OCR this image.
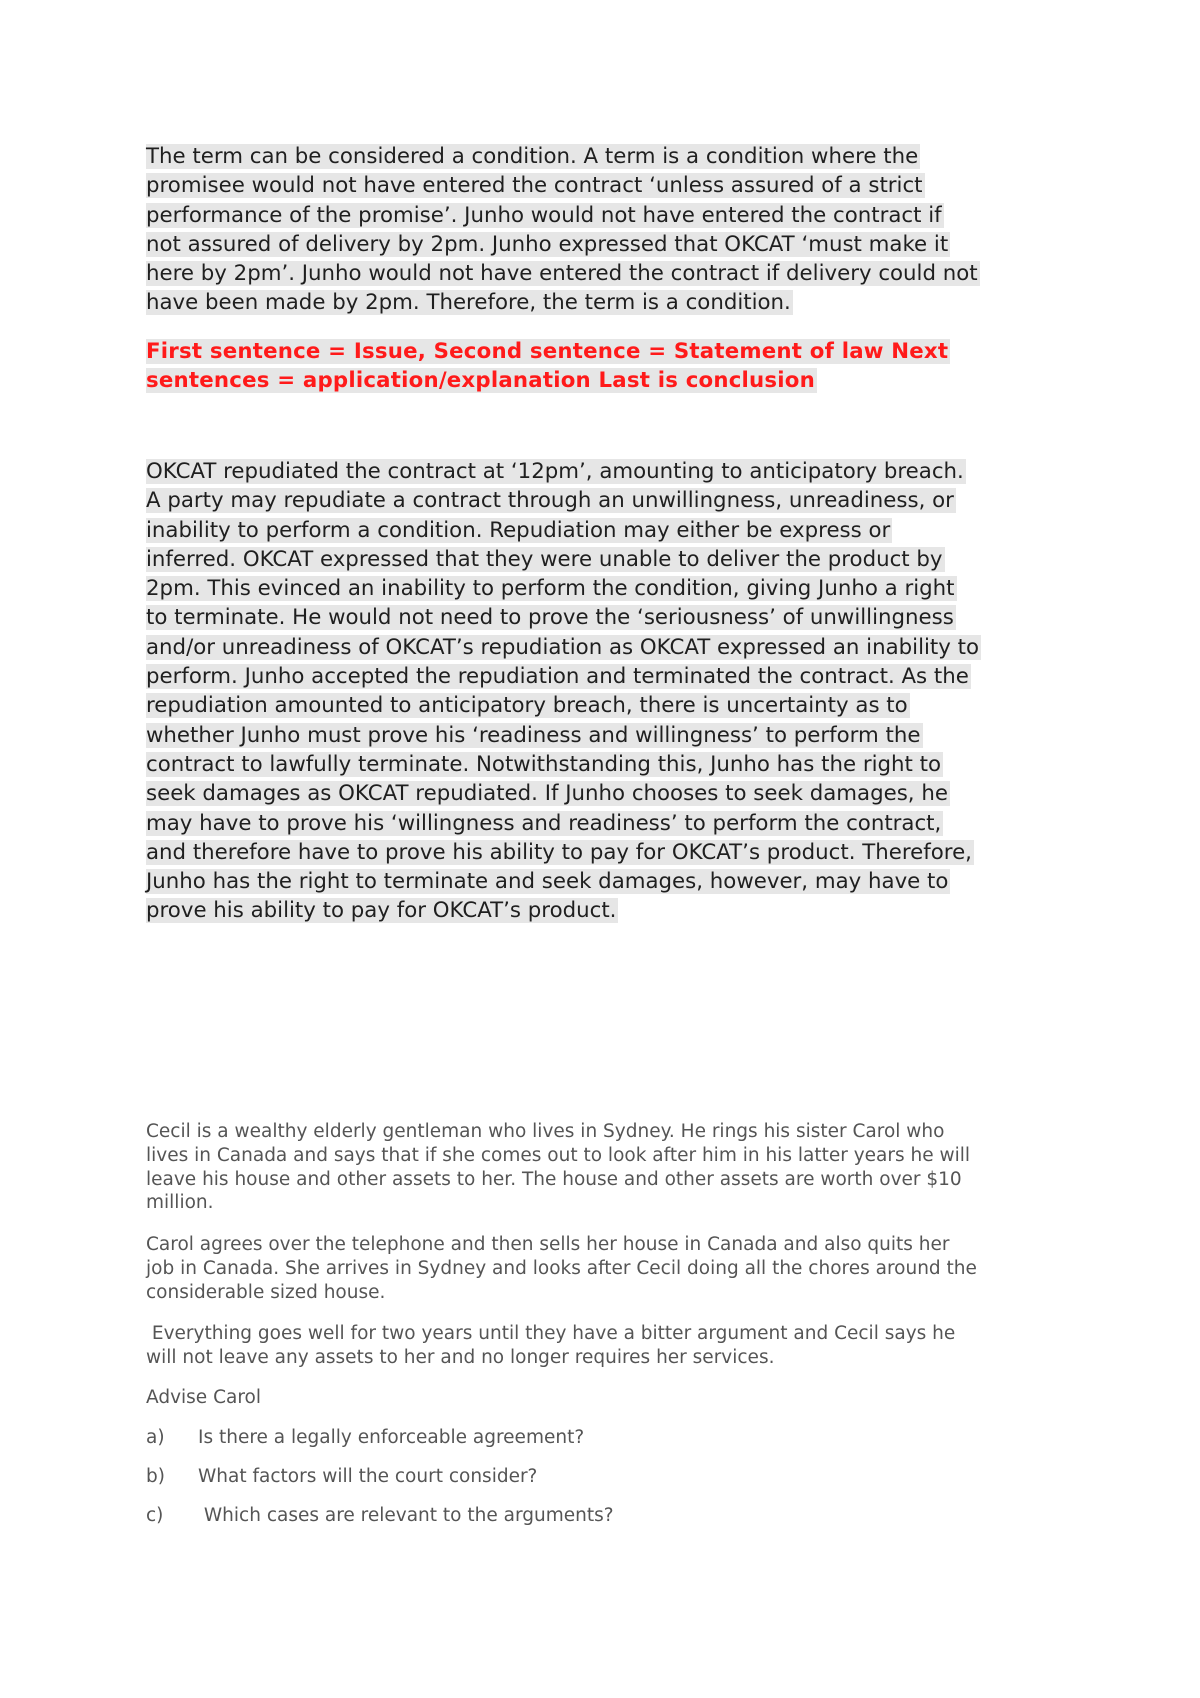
The term can be considered a condition. A term is a condition where the
promisee would not have entered the contract ‘unless assured of a strict
performance of the promise’. Junho would not have entered the contract if
not assured of delivery by 2pm. Junho expressed that OKCAT ‘must make it
here by 2pm’. Junho would not have entered the contract if delivery could not
have been made by 2pm. Therefore, the term is a condition.
First sentence = Issue, Second sentence = Statement of law Next
sentences = application/explanation Last is conclusion
OKCAT repudiated the contract at ‘12pm’, amounting to anticipatory breach.
A party may repudiate a contract through an unwillingness, unreadiness, or
inability to perform a condition. Repudiation may either be express or
inferred. OKCAT expressed that they were unable to deliver the product by
2pm. This evinced an inability to perform the condition, giving Junho a right
to terminate. He would not need to prove the ‘seriousness’ of unwillingness
and/or unreadiness of OKCAT’s repudiation as OKCAT expressed an inability to
perform. Junho accepted the repudiation and terminated the contract. As the
repudiation amounted to anticipatory breach, there is uncertainty as to
whether Junho must prove his ‘readiness and willingness’ to perform the
contract to lawfully terminate. Notwithstanding this, Junho has the right to
seek damages as OKCAT repudiated. If Junho chooses to seek damages, he
may have to prove his ‘willingness and readiness’ to perform the contract,
and therefore have to prove his ability to pay for OKCAT’s product. Therefore,
Junho has the right to terminate and seek damages, however, may have to
prove his ability to pay for OKCAT’s product.
Cecil is a wealthy elderly gentleman who lives in Sydney. He rings his sister Carol who
lives in Canada and says that if she comes out to look after him in his latter years he will
leave his house and other assets to her. The house and other assets are worth over $10
million.
Carol agrees over the telephone and then sells her house in Canada and also quits her
job in Canada. She arrives in Sydney and looks after Cecil doing all the chores around the
considerable sized house.
Everything goes well for two years until they have a bitter argument and Cecil says he
will not leave any assets to her and no longer requires her services.
Advise Carol
a) Is there a legally enforceable agreement?
b) What factors will the court consider?
c) Which cases are relevant to the arguments?
